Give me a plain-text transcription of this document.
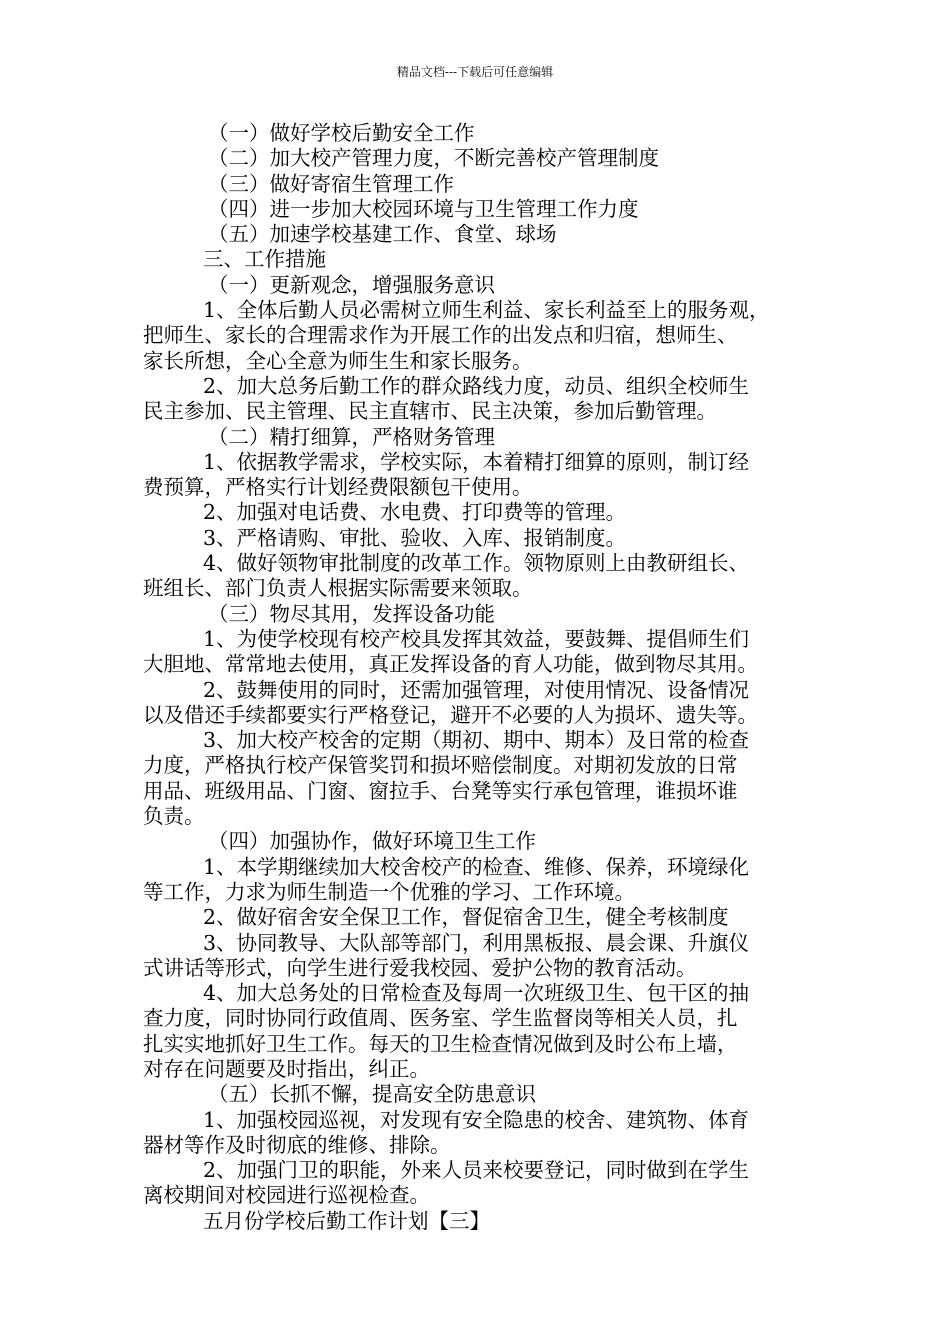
精品文档---下载后可任意编辑
（一）做好学校后勤安全工作
（二）加大校产管理力度，不断完善校产管理制度
（三）做好寄宿生管理工作
（四）进一步加大校园环境与卫生管理工作力度
（五）加速学校基建工作、食堂、球场
三、工作措施
（一）更新观念，增强服务意识
1、全体后勤人员必需树立师生利益、家长利益至上的服务观，
把师生、家长的合理需求作为开展工作的出发点和归宿，想师生、
家长所想，全心全意为师生生和家长服务。
2、加大总务后勤工作的群众路线力度，动员、组织全校师生
民主参加、民主管理、民主直辖市、民主决策，参加后勤管理。
（二）精打细算，严格财务管理
1、依据教学需求，学校实际，本着精打细算的原则，制订经
费预算，严格实行计划经费限额包干使用。
2、加强对电话费、水电费、打印费等的管理。
3、严格请购、审批、验收、入库、报销制度。
4、做好领物审批制度的改革工作。领物原则上由教研组长、
班组长、部门负责人根据实际需要来领取。
（三）物尽其用，发挥设备功能
1、为使学校现有校产校具发挥其效益，要鼓舞、提倡师生们
大胆地、常常地去使用，真正发挥设备的育人功能，做到物尽其用。
2、鼓舞使用的同时，还需加强管理，对使用情况、设备情况
以及借还手续都要实行严格登记，避开不必要的人为损坏、遗失等。
3、加大校产校舍的定期（期初、期中、期本）及日常的检查
力度，严格执行校产保管奖罚和损坏赔偿制度。对期初发放的日常
用品、班级用品、门窗、窗拉手、台凳等实行承包管理，谁损坏谁
负责。
（四）加强协作，做好环境卫生工作
1、本学期继续加大校舍校产的检查、维修、保养，环境绿化
等工作，力求为师生制造一个优雅的学习、工作环境。
2、做好宿舍安全保卫工作，督促宿舍卫生，健全考核制度
3、协同教导、大队部等部门，利用黑板报、晨会课、升旗仪
式讲话等形式，向学生进行爱我校园、爱护公物的教育活动。
4、加大总务处的日常检查及每周一次班级卫生、包干区的抽
查力度，同时协同行政值周、医务室、学生监督岗等相关人员，扎
扎实实地抓好卫生工作。每天的卫生检查情况做到及时公布上墙，
对存在问题要及时指出，纠正。
（五）长抓不懈，提高安全防患意识
1、加强校园巡视，对发现有安全隐患的校舍、建筑物、体育
器材等作及时彻底的维修、排除。
2、加强门卫的职能，外来人员来校要登记，同时做到在学生
离校期间对校园进行巡视检查。
五月份学校后勤工作计划【三】
